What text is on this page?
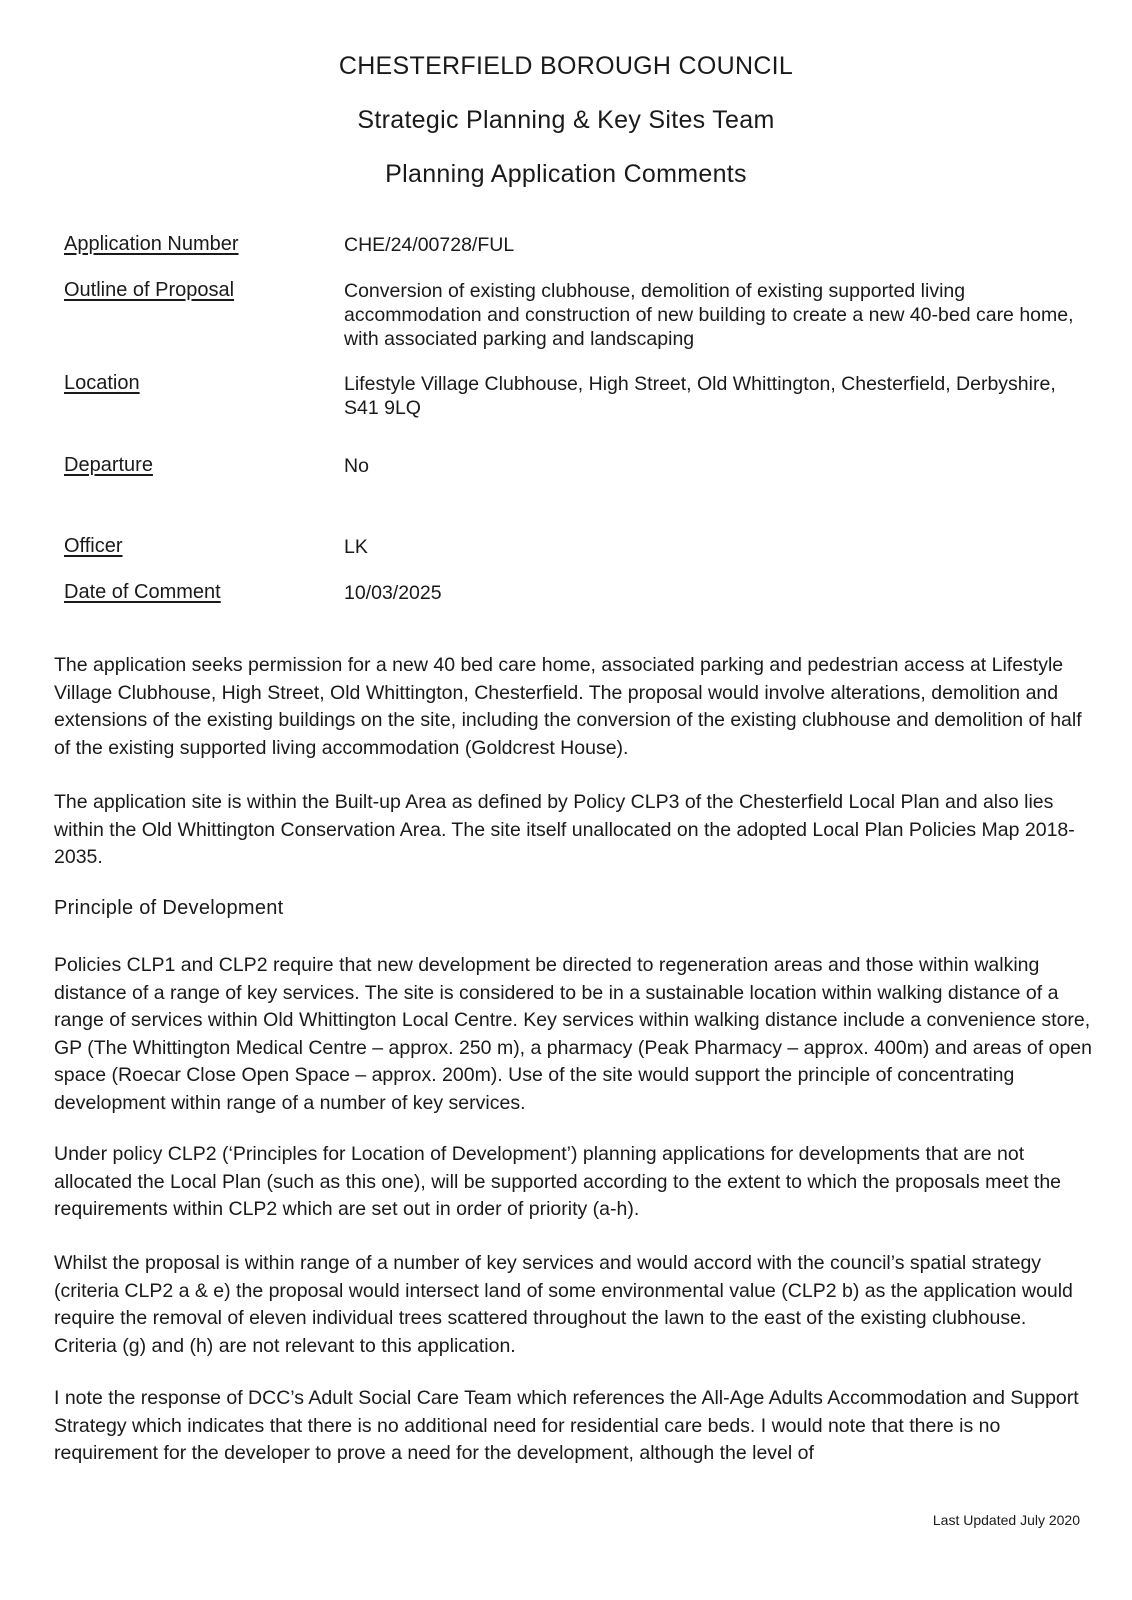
CHESTERFIELD BOROUGH COUNCIL
Strategic Planning & Key Sites Team
Planning Application Comments
Application Number	CHE/24/00728/FUL
Outline of Proposal	Conversion of existing clubhouse, demolition of existing supported living accommodation and construction of new building to create a new 40-bed care home, with associated parking and landscaping
Location	Lifestyle Village Clubhouse, High Street, Old Whittington, Chesterfield, Derbyshire, S41 9LQ
Departure	No
Officer	LK
Date of Comment	10/03/2025

The application seeks permission for a new 40 bed care home, associated parking and pedestrian access at Lifestyle Village Clubhouse, High Street, Old Whittington, Chesterfield. The proposal would involve alterations, demolition and extensions of the existing buildings on the site, including the conversion of the existing clubhouse and demolition of half of the existing supported living accommodation (Goldcrest House).

The application site is within the Built-up Area as defined by Policy CLP3 of the Chesterfield Local Plan and also lies within the Old Whittington Conservation Area. The site itself unallocated on the adopted Local Plan Policies Map 2018-2035.

Principle of Development

Policies CLP1 and CLP2 require that new development be directed to regeneration areas and those within walking distance of a range of key services. The site is considered to be in a sustainable location within walking distance of a range of services within Old Whittington Local Centre. Key services within walking distance include a convenience store, GP (The Whittington Medical Centre – approx. 250 m), a pharmacy (Peak Pharmacy – approx. 400m) and areas of open space (Roecar Close Open Space – approx. 200m). Use of the site would support the principle of concentrating development within range of a number of key services.

Under policy CLP2 (‘Principles for Location of Development’) planning applications for developments that are not allocated the Local Plan (such as this one), will be supported according to the extent to which the proposals meet the requirements within CLP2 which are set out in order of priority (a-h).

Whilst the proposal is within range of a number of key services and would accord with the council’s spatial strategy (criteria CLP2 a & e) the proposal would intersect land of some environmental value (CLP2 b) as the application would require the removal of eleven individual trees scattered throughout the lawn to the east of the existing clubhouse. Criteria (g) and (h) are not relevant to this application.

I note the response of DCC’s Adult Social Care Team which references the All-Age Adults Accommodation and Support Strategy which indicates that there is no additional need for residential care beds. I would note that there is no requirement for the developer to prove a need for the development, although the level of

Last Updated July 2020
